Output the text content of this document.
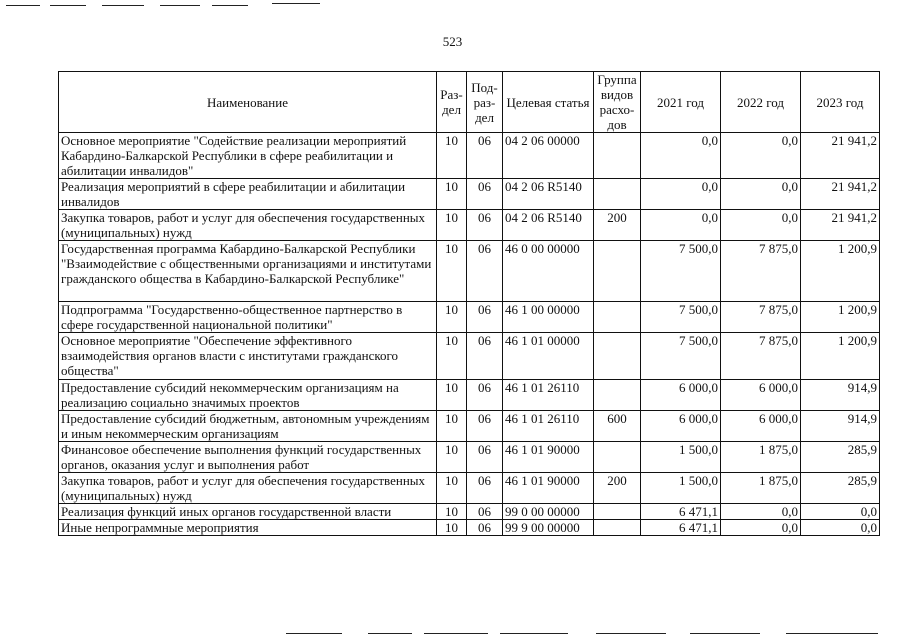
523
Наименование	Раз-дел	Под-раз-дел	Целевая статья	Группа видов расхо-дов	2021 год	2022 год	2023 год
Основное мероприятие "Содействие реализации мероприятий Кабардино-Балкарской Республики в сфере реабилитации и абилитации инвалидов"	10	06	04 2 06 00000		0,0	0,0	21 941,2
Реализация мероприятий в сфере реабилитации и абилитации инвалидов	10	06	04 2 06 R5140		0,0	0,0	21 941,2
Закупка товаров, работ и услуг для обеспечения государственных (муниципальных) нужд	10	06	04 2 06 R5140	200	0,0	0,0	21 941,2
Государственная программа Кабардино-Балкарской Республики "Взаимодействие с общественными организациями и институтами гражданского общества в Кабардино-Балкарской Республике"	10	06	46 0 00 00000		7 500,0	7 875,0	1 200,9
Подпрограмма "Государственно-общественное партнерство в сфере государственной национальной политики"	10	06	46 1 00 00000		7 500,0	7 875,0	1 200,9
Основное мероприятие "Обеспечение эффективного взаимодействия органов власти с институтами гражданского общества"	10	06	46 1 01 00000		7 500,0	7 875,0	1 200,9
Предоставление субсидий некоммерческим организациям на реализацию социально значимых проектов	10	06	46 1 01 26110		6 000,0	6 000,0	914,9
Предоставление субсидий бюджетным, автономным учреждениям и иным некоммерческим организациям	10	06	46 1 01 26110	600	6 000,0	6 000,0	914,9
Финансовое обеспечение выполнения функций государственных органов, оказания услуг и выполнения работ	10	06	46 1 01 90000		1 500,0	1 875,0	285,9
Закупка товаров, работ и услуг для обеспечения государственных (муниципальных) нужд	10	06	46 1 01 90000	200	1 500,0	1 875,0	285,9
Реализация функций иных органов государственной власти	10	06	99 0 00 00000		6 471,1	0,0	0,0
Иные непрограммные мероприятия	10	06	99 9 00 00000		6 471,1	0,0	0,0
